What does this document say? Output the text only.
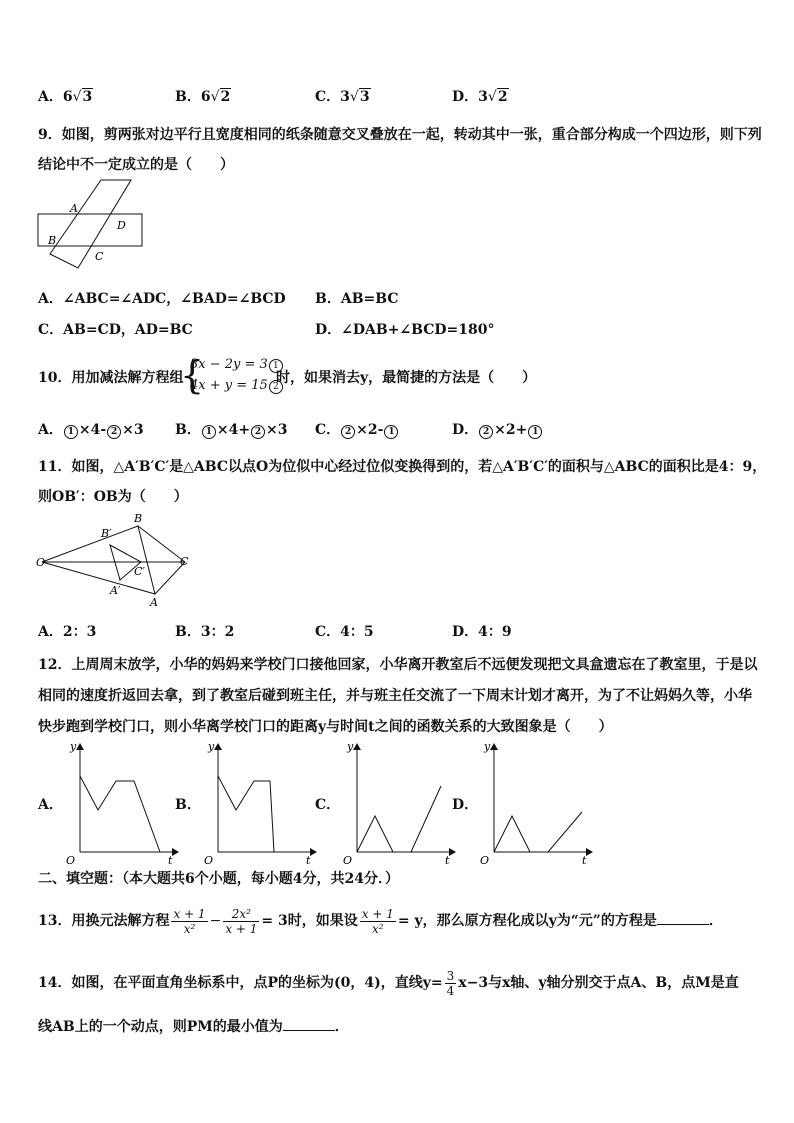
A．6√3	B．6√2	C．3√3	D．3√2
9．如图，剪两张对边平行且宽度相同的纸条随意交叉叠放在一起，转动其中一张，重合部分构成一个四边形，则下列
结论中不一定成立的是（　　）
A
D
B
C
A．∠ABC=∠ADC，∠BAD=∠BCD B．AB=BC
C．AB=CD，AD=BC	D．∠DAB+∠BCD=180°
10．用加减法解方程组
{
3x − 2y = 3 1
4x + y = 15 2
时，如果消去y，最简捷的方法是（　　）
A． 1 ×4- 2 ×3 B． 1 ×4+ 2 ×3 C． 2 ×2- 1	D． 2 ×2+ 1
11．如图，△A′B′C′是△ABC以点O为位似中心经过位似变换得到的，若△A′B′C′的面积与△ABC的面积比是4：9，
则OB′：OB为（　　）
O
B
B′
C
C′
A′
A
A．2：3	B．3：2	C．4：5	D．4：9
12．上周周末放学，小华的妈妈来学校门口接他回家，小华离开教室后不远便发现把文具盒遗忘在了教室里，于是以
相同的速度折返回去拿，到了教室后碰到班主任，并与班主任交流了一下周末计划才离开，为了不让妈妈久等，小华
快步跑到学校门口，则小华离学校门口的距离y与时间t之间的函数关系的大致图象是（　　）
A．
y
O	t
B．
y
O	t
C．
y
O	t
D．
y
O	t
二、填空题：（本大题共6个小题，每小题4分，共24分．）
13．用换元法解方程 $\frac{x + 1}{\text{x²}} - \frac{\text{2x²}}{x + 1} = 3$时，如果设 $\frac{x + 1}{\text{x²}} = y$，那么原方程化成以y为“元”的方程是	．
14．如图，在平面直角坐标系中，点P的坐标为(0，4)，直线$y= \frac{3}{4} x-3$与x轴、y轴分别交于点A、B，点M是直
线AB上的一个动点，则PM的最小值为	．
